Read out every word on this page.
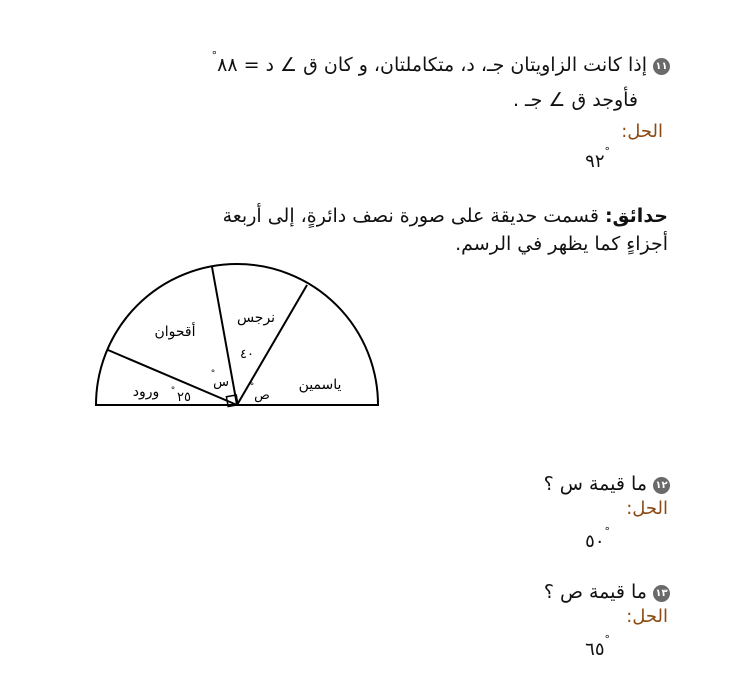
١١إذا كانت الزاويتان جـ، د، متكاملتان، و كان ق ∠ د = ٨٨°
فأوجد ق ∠ جـ .
الحل:
٩٢°
حدائق: قسمت حديقة على صورة نصف دائرةٍ، إلى أربعة
أجزاءٍ كما يظهر في الرسم.
ورود
أقحوان
نرجس
ياسمين
٢٥
°
س
°
٤٠
ص
°
١٢ما قيمة س ؟
الحل:
٥٠°
١٣ما قيمة ص ؟
الحل:
٦٥°
